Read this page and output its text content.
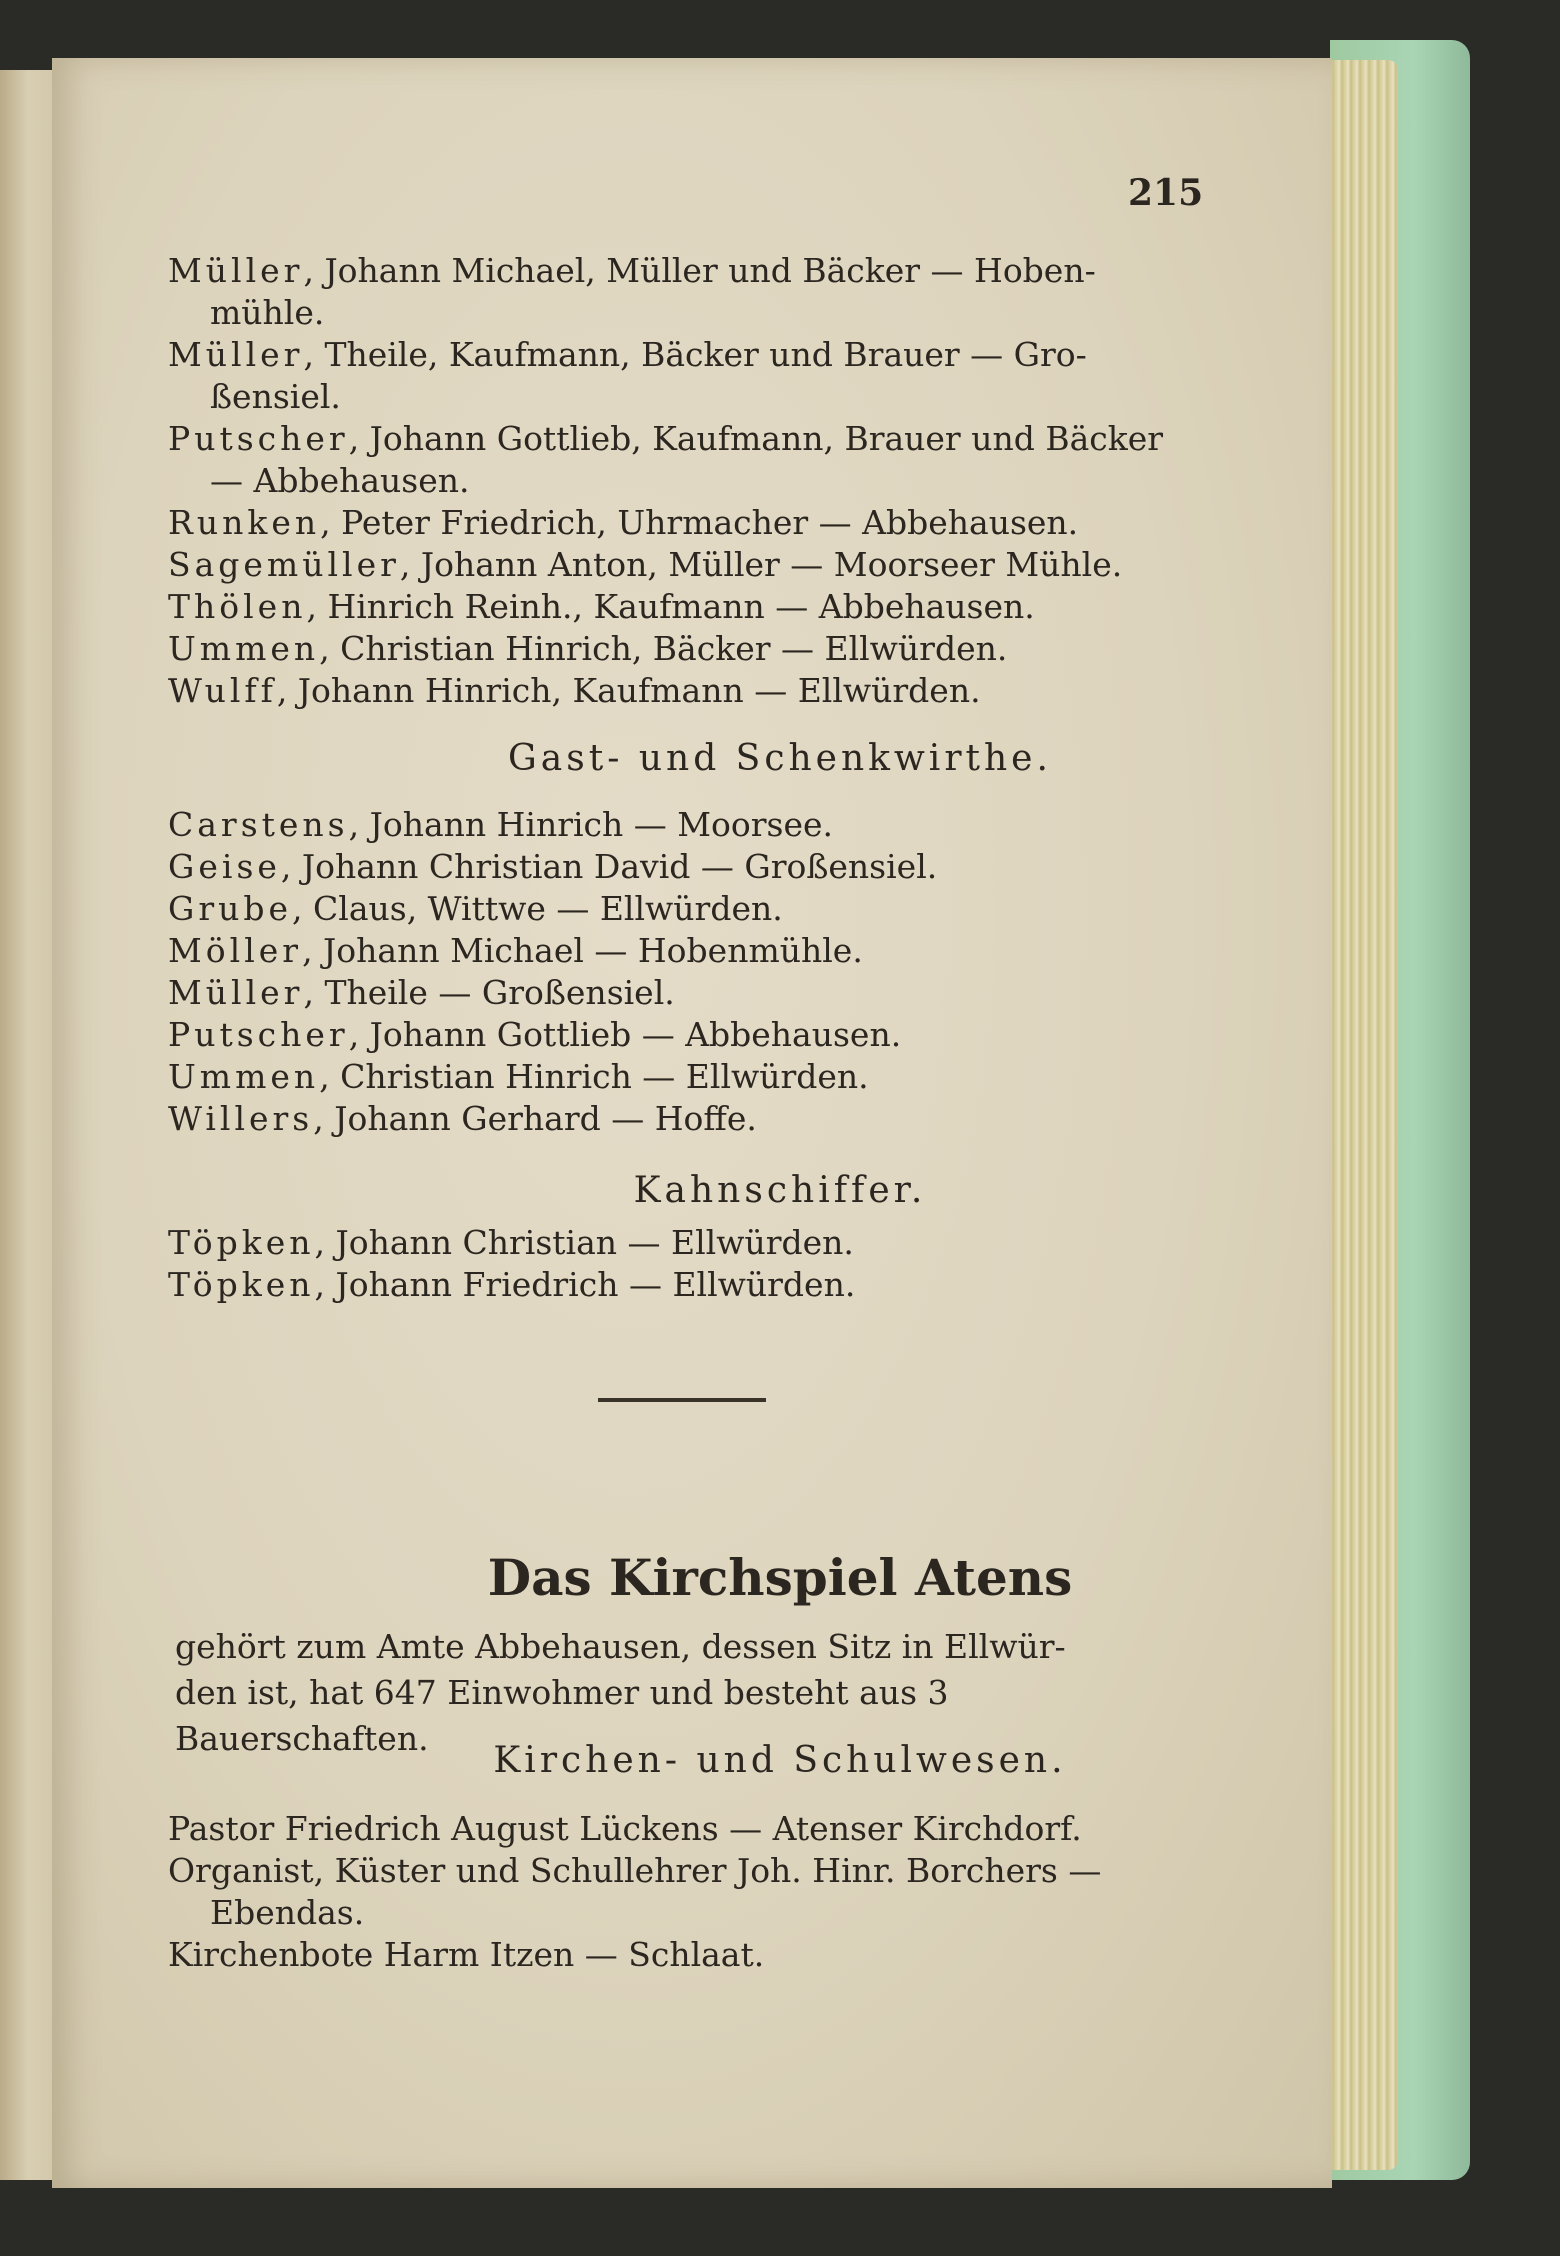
215
Müller, Johann Michael, Müller und Bäcker — Hoben-
mühle.
Müller, Theile, Kaufmann, Bäcker und Brauer — Gro-
ßensiel.
Putscher, Johann Gottlieb, Kaufmann, Brauer und Bäcker
— Abbehausen.
Runken, Peter Friedrich, Uhrmacher — Abbehausen.
Sagemüller, Johann Anton, Müller — Moorseer Mühle.
Thölen, Hinrich Reinh., Kaufmann — Abbehausen.
Ummen, Christian Hinrich, Bäcker — Ellwürden.
Wulff, Johann Hinrich, Kaufmann — Ellwürden.
Gast- und Schenkwirthe.
Carstens, Johann Hinrich — Moorsee.
Geise, Johann Christian David — Großensiel.
Grube, Claus, Wittwe — Ellwürden.
Möller, Johann Michael — Hobenmühle.
Müller, Theile — Großensiel.
Putscher, Johann Gottlieb — Abbehausen.
Ummen, Christian Hinrich — Ellwürden.
Willers, Johann Gerhard — Hoffe.
Kahnschiffer.
Töpken, Johann Christian — Ellwürden.
Töpken, Johann Friedrich — Ellwürden.
Das Kirchspiel Atens
gehört zum Amte Abbehausen, dessen Sitz in Ellwür-
den ist, hat 647 Einwohmer und besteht aus 3 Bauerschaften.
Kirchen- und Schulwesen.
Pastor Friedrich August Lückens — Atenser Kirchdorf.
Organist, Küster und Schullehrer Joh. Hinr. Borchers —
Ebendas.
Kirchenbote Harm Itzen — Schlaat.
